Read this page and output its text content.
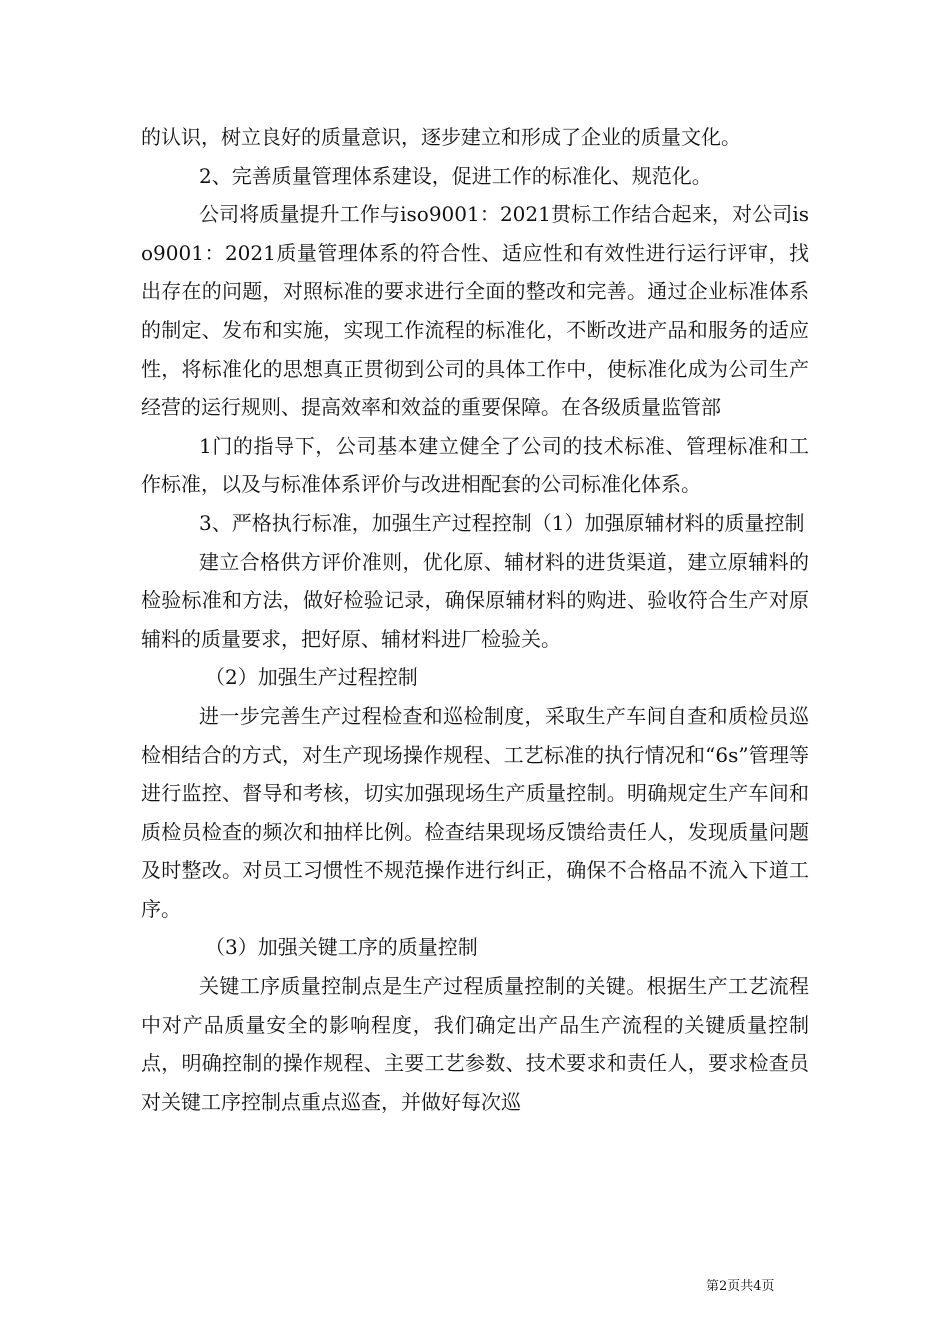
的认识，树立良好的质量意识，逐步建立和形成了企业的质量文化。

2、完善质量管理体系建设，促进工作的标准化、规范化。

公司将质量提升工作与iso9001：2021贯标工作结合起来，对公司iso9001：2021质量管理体系的符合性、适应性和有效性进行运行评审，找出存在的问题，对照标准的要求进行全面的整改和完善。通过企业标准体系的制定、发布和实施，实现工作流程的标准化，不断改进产品和服务的适应性，将标准化的思想真正贯彻到公司的具体工作中，使标准化成为公司生产经营的运行规则、提高效率和效益的重要保障。在各级质量监管部

1门的指导下，公司基本建立健全了公司的技术标准、管理标准和工作标准，以及与标准体系评价与改进相配套的公司标准化体系。

3、严格执行标准，加强生产过程控制（1）加强原辅材料的质量控制

建立合格供方评价准则，优化原、辅材料的进货渠道，建立原辅料的检验标准和方法，做好检验记录，确保原辅材料的购进、验收符合生产对原辅料的质量要求，把好原、辅材料进厂检验关。

（2）加强生产过程控制

进一步完善生产过程检查和巡检制度，采取生产车间自查和质检员巡检相结合的方式，对生产现场操作规程、工艺标准的执行情况和“6s”管理等进行监控、督导和考核，切实加强现场生产质量控制。明确规定生产车间和质检员检查的频次和抽样比例。检查结果现场反馈给责任人，发现质量问题及时整改。对员工习惯性不规范操作进行纠正，确保不合格品不流入下道工序。

（3）加强关键工序的质量控制

关键工序质量控制点是生产过程质量控制的关键。根据生产工艺流程中对产品质量安全的影响程度，我们确定出产品生产流程的关键质量控制点，明确控制的操作规程、主要工艺参数、技术要求和责任人，要求检查员对关键工序控制点重点巡查，并做好每次巡

第2页共4页
